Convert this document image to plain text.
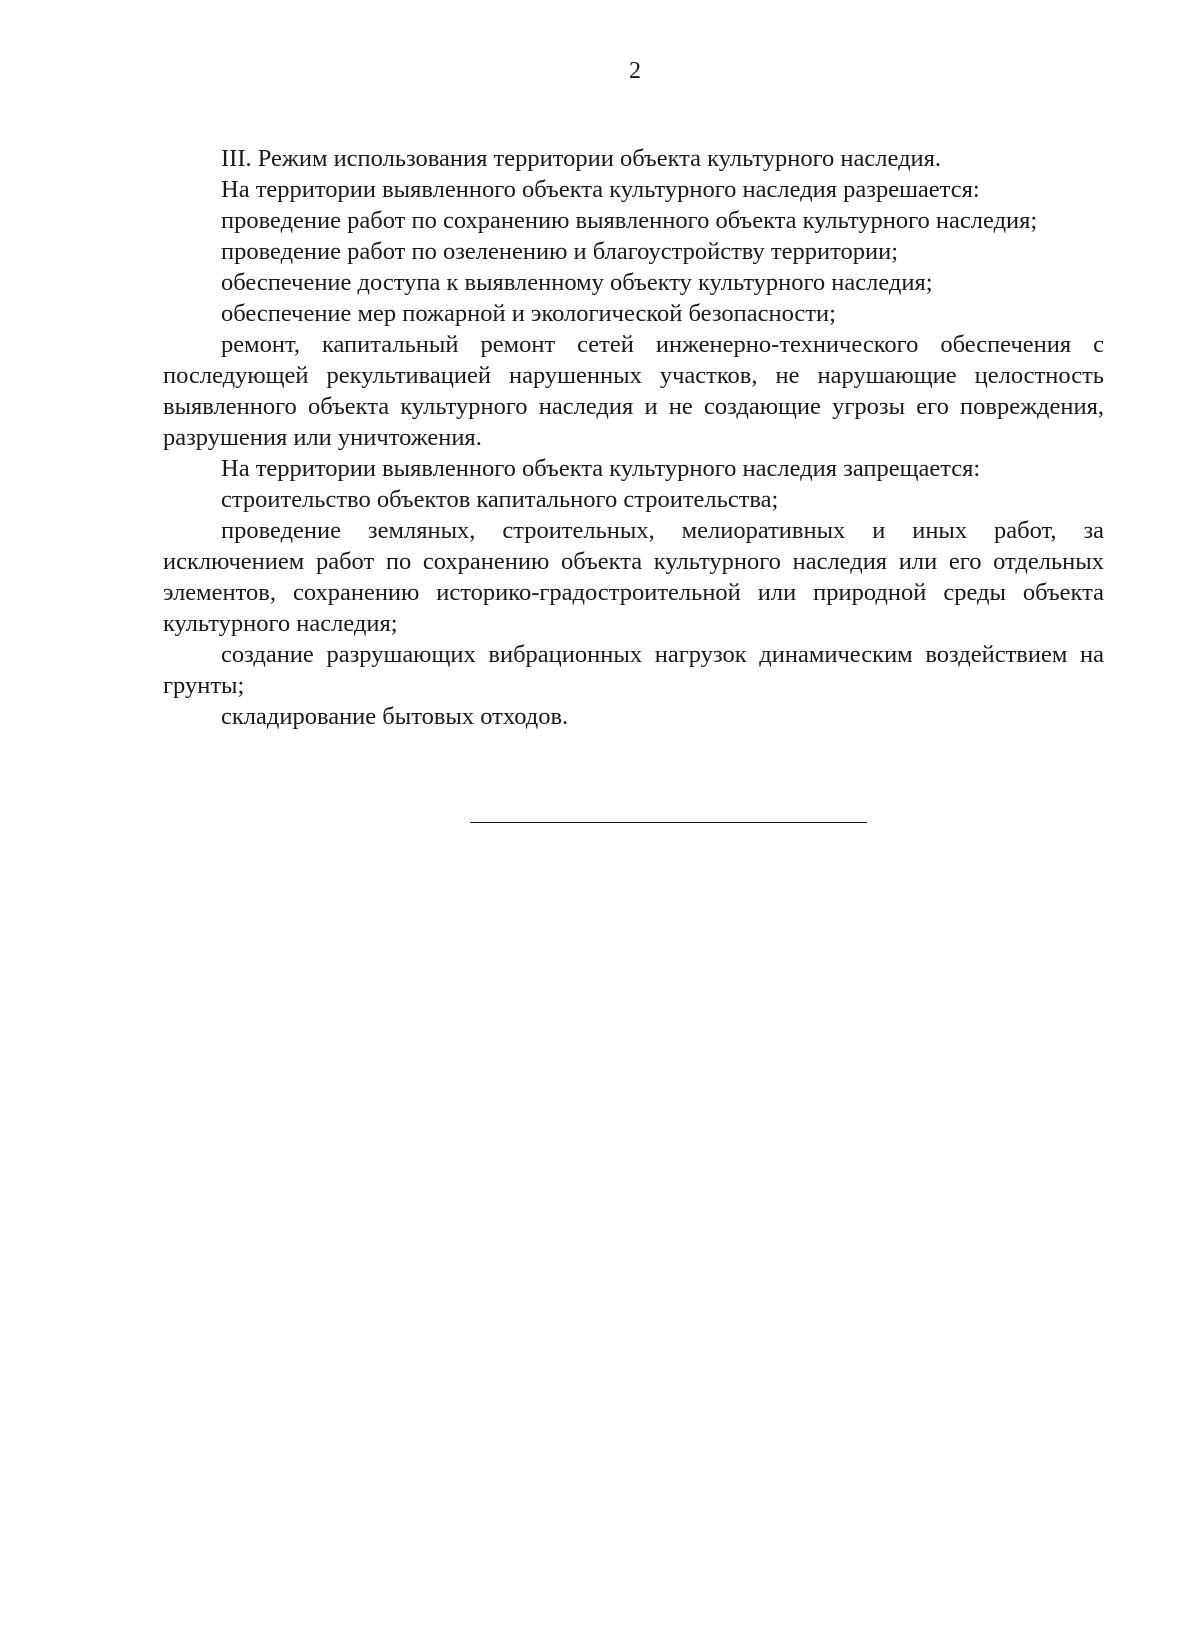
2

III. Режим использования территории объекта культурного наследия.

На территории выявленного объекта культурного наследия разрешается:

проведение работ по сохранению выявленного объекта культурного наследия;

проведение работ по озеленению и благоустройству территории;

обеспечение доступа к выявленному объекту культурного наследия;

обеспечение мер пожарной и экологической безопасности;

ремонт, капитальный ремонт сетей инженерно-технического обеспечения с последующей рекультивацией нарушенных участков, не нарушающие целостность выявленного объекта культурного наследия и не создающие угрозы его повреждения, разрушения или уничтожения.

На территории выявленного объекта культурного наследия запрещается:

строительство объектов капитального строительства;

проведение земляных, строительных, мелиоративных и иных работ, за исключением работ по сохранению объекта культурного наследия или его отдельных элементов, сохранению историко-градостроительной или природной среды объекта культурного наследия;

создание разрушающих вибрационных нагрузок динамическим воздействием на грунты;

складирование бытовых отходов.
